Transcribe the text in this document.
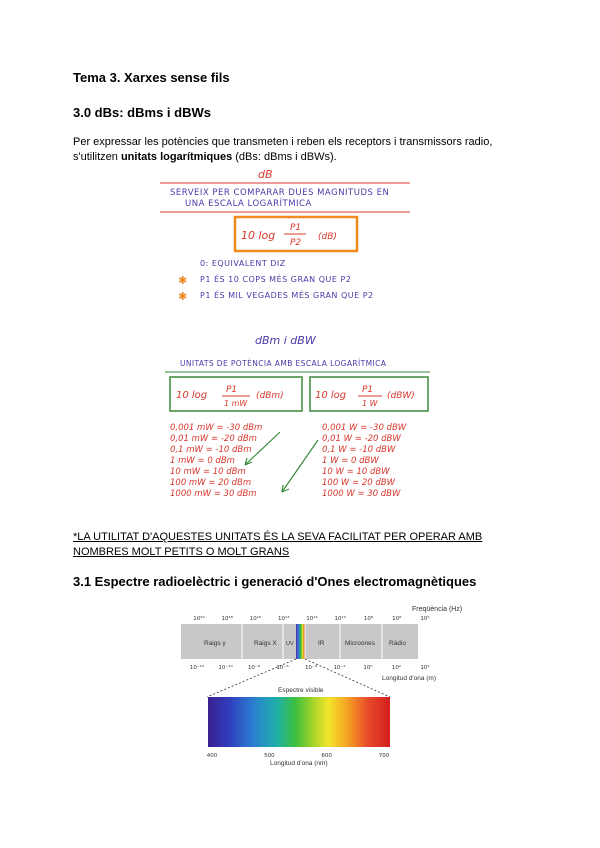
Tema 3. Xarxes sense fils
3.0 dBs: dBms i dBWs
Per expressar les potències que transmeten i reben els receptors i transmissors radio, s'utilitzen unitats logarítmiques (dBs: dBms i dBWs).
dB
SERVEIX PER COMPARAR DUES MAGNITUDS EN
UNA ESCALA LOGARÍTMICA
10 log
P1
P2
(dB)
0: EQUIVALENT DIZ
✱ P1 ÉS 10 COPS MÉS GRAN QUE P2
✱ P1 ÉS MIL VEGADES MÉS GRAN QUE P2
dBm i dBW
UNITATS DE POTÈNCIA AMB ESCALA LOGARÍTMICA
10 log P1
1 mW
(dBm)	10 log P1
1 W
(dBW)
0,001 mW = -30 dBm
0,01 mW = -20 dBm
0,1 mW = -10 dBm
1 mW = 0 dBm
10 mW = 10 dBm
100 mW = 20 dBm
1000 mW = 30 dBm
0,001 W = -30 dBW
0,01 W = -20 dBW
0,1 W = -10 dBW
1 W = 0 dBW
10 W = 10 dBW
100 W = 20 dBW
1000 W = 30 dBW
*LA UTILITAT D'AQUESTES UNITATS ÉS LA SEVA FACILITAT PER OPERAR AMB NOMBRES MOLT PETITS O MOLT GRANS
3.1 Espectre radioelèctric i generació d'Ones electromagnètiques
Freqüència (Hz)
10²⁰	10¹⁸	10¹⁶	10¹⁴	10¹²	10¹⁰	10⁸	10⁶	10⁴
Raigs γ	Raigs X UV	IR	Microones Ràdio
10⁻¹²	10⁻¹⁰	10⁻⁸	10⁻⁶	10⁻⁴	10⁻²	10⁰	10²	10⁴
Longitud d'ona (m)
Espectre visible
400	500	600	700
Longitud d'ona (nm)
